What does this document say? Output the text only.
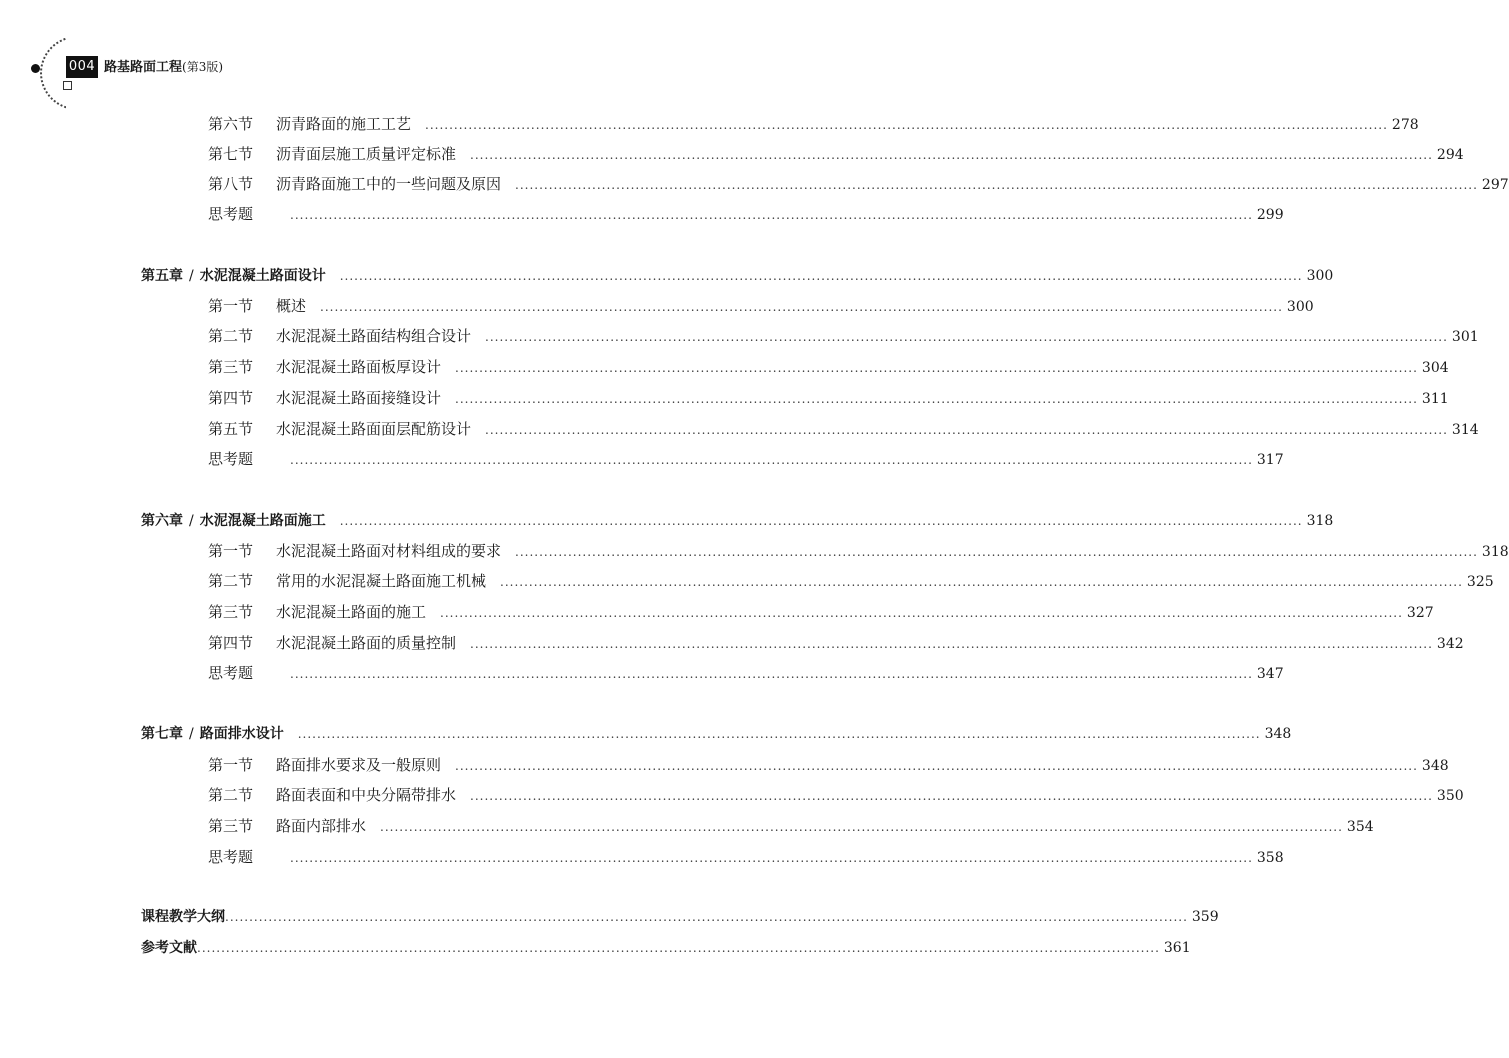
004 路基路面工程(第3版)
第六节 沥青路面的施工工艺 ........................................................................................................................................................................................................ 278
第七节 沥青面层施工质量评定标准 ........................................................................................................................................................................................................ 294
第八节 沥青路面施工中的一些问题及原因 ........................................................................................................................................................................................................ 297
思考题	........................................................................................................................................................................................................ 299
第五章 / 水泥混凝土路面设计 ........................................................................................................................................................................................................ 300
第一节 概述 ........................................................................................................................................................................................................ 300
第二节 水泥混凝土路面结构组合设计 ........................................................................................................................................................................................................ 301
第三节 水泥混凝土路面板厚设计 ........................................................................................................................................................................................................ 304
第四节 水泥混凝土路面接缝设计 ........................................................................................................................................................................................................ 311
第五节 水泥混凝土路面面层配筋设计 ........................................................................................................................................................................................................ 314
思考题	........................................................................................................................................................................................................ 317
第六章 / 水泥混凝土路面施工 ........................................................................................................................................................................................................ 318
第一节 水泥混凝土路面对材料组成的要求 ........................................................................................................................................................................................................ 318
第二节 常用的水泥混凝土路面施工机械 ........................................................................................................................................................................................................ 325
第三节 水泥混凝土路面的施工 ........................................................................................................................................................................................................ 327
第四节 水泥混凝土路面的质量控制 ........................................................................................................................................................................................................ 342
思考题	........................................................................................................................................................................................................ 347
第七章 / 路面排水设计 ........................................................................................................................................................................................................ 348
第一节 路面排水要求及一般原则 ........................................................................................................................................................................................................ 348
第二节 路面表面和中央分隔带排水 ........................................................................................................................................................................................................ 350
第三节 路面内部排水 ........................................................................................................................................................................................................ 354
思考题	........................................................................................................................................................................................................ 358
课程教学大纲 ........................................................................................................................................................................................................ 359
参考文献 ........................................................................................................................................................................................................ 361
